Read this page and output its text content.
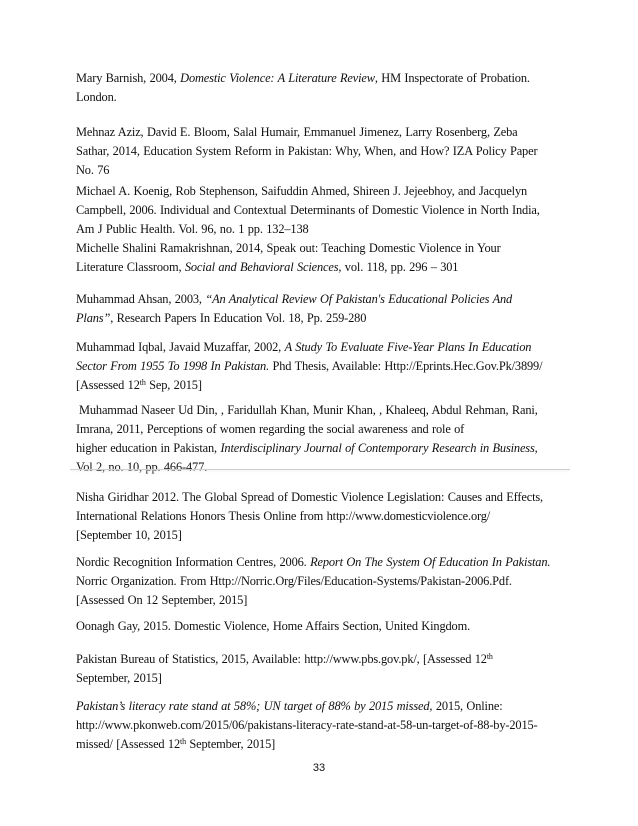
Mary Barnish, 2004, Domestic Violence: A Literature Review, HM Inspectorate of Probation.
London.
Mehnaz Aziz, David E. Bloom, Salal Humair, Emmanuel Jimenez, Larry Rosenberg, Zeba
Sathar, 2014, Education System Reform in Pakistan: Why, When, and How? IZA Policy Paper
No. 76
Michael A. Koenig, Rob Stephenson, Saifuddin Ahmed, Shireen J. Jejeebhoy, and Jacquelyn
Campbell, 2006. Individual and Contextual Determinants of Domestic Violence in North India,
Am J Public Health. Vol. 96, no. 1 pp. 132–138
Michelle Shalini Ramakrishnan, 2014, Speak out: Teaching Domestic Violence in Your
Literature Classroom, Social and Behavioral Sciences, vol. 118, pp. 296 – 301
Muhammad Ahsan, 2003, “An Analytical Review Of Pakistan's Educational Policies And
Plans”, Research Papers In Education Vol. 18, Pp. 259-280
Muhammad Iqbal, Javaid Muzaffar, 2002, A Study To Evaluate Five-Year Plans In Education
Sector From 1955 To 1998 In Pakistan. Phd Thesis, Available: Http://Eprints.Hec.Gov.Pk/3899/
[Assessed 12th Sep, 2015]
Muhammad Naseer Ud Din, , Faridullah Khan, Munir Khan, , Khaleeq, Abdul Rehman, Rani,
Imrana, 2011, Perceptions of women regarding the social awareness and role of
higher education in Pakistan, Interdisciplinary Journal of Contemporary Research in Business,
Vol 2, no. 10, pp. 466-477.
Nisha Giridhar 2012. The Global Spread of Domestic Violence Legislation: Causes and Effects,
International Relations Honors Thesis Online from http://www.domesticviolence.org/
[September 10, 2015]
Nordic Recognition Information Centres, 2006. Report On The System Of Education In Pakistan.
Norric Organization. From Http://Norric.Org/Files/Education-Systems/Pakistan-2006.Pdf.
[Assessed On 12 September, 2015]
Oonagh Gay, 2015. Domestic Violence, Home Affairs Section, United Kingdom.
Pakistan Bureau of Statistics, 2015, Available: http://www.pbs.gov.pk/, [Assessed 12th
September, 2015]
Pakistan’s literacy rate stand at 58%; UN target of 88% by 2015 missed, 2015, Online:
http://www.pkonweb.com/2015/06/pakistans-literacy-rate-stand-at-58-un-target-of-88-by-2015-
missed/ [Assessed 12th September, 2015]
33
